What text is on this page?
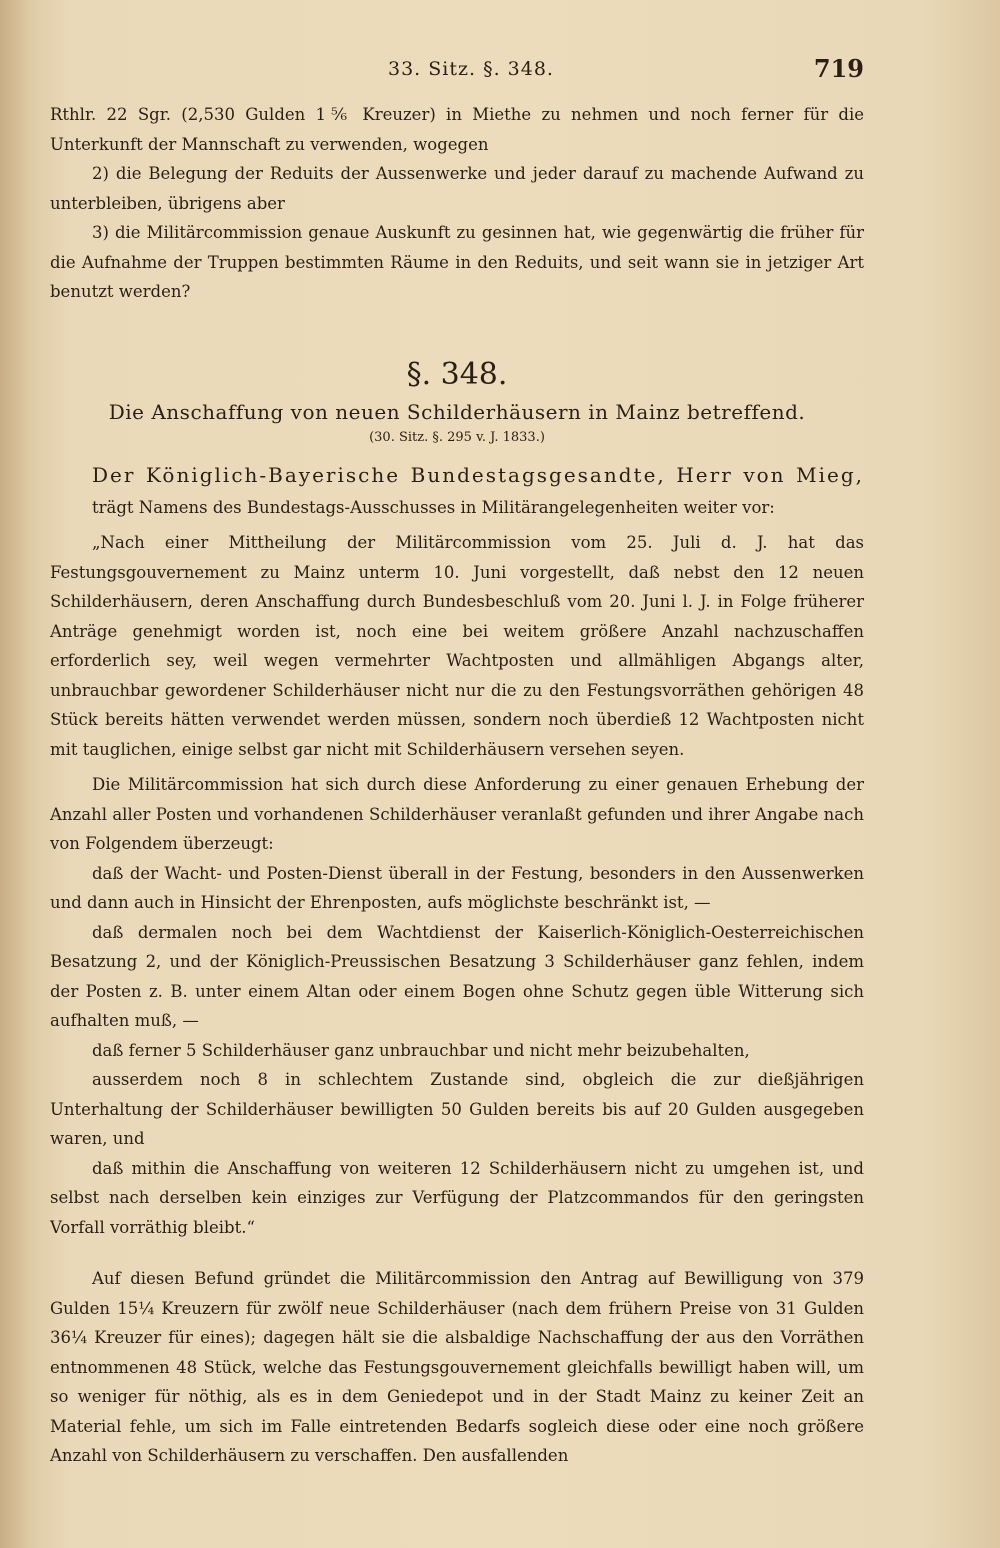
33. Sitz. §. 348.	719

Rthlr. 22 Sgr. (2,530 Gulden 1⅚ Kreuzer) in Miethe zu nehmen und noch ferner für die Unterkunft der Mannschaft zu verwenden, wogegen

2) die Belegung der Reduits der Aussenwerke und jeder darauf zu machende Aufwand zu unterbleiben, übrigens aber

3) die Militärcommission genaue Auskunft zu gesinnen hat, wie gegenwärtig die früher für die Aufnahme der Truppen bestimmten Räume in den Reduits, und seit wann sie in jetziger Art benutzt werden?

§. 348.
Die Anschaffung von neuen Schilderhäusern in Mainz betreffend.
(30. Sitz. §. 295 v. J. 1833.)
Der Königlich-Bayerische Bundestagsgesandte, Herr von Mieg,

trägt Namens des Bundestags-Ausschusses in Militärangelegenheiten weiter vor:

„Nach einer Mittheilung der Militärcommission vom 25. Juli d. J. hat das Festungsgouvernement zu Mainz unterm 10. Juni vorgestellt, daß nebst den 12 neuen Schilderhäusern, deren Anschaffung durch Bundesbeschluß vom 20. Juni l. J. in Folge früherer Anträge genehmigt worden ist, noch eine bei weitem größere Anzahl nachzuschaffen erforderlich sey, weil wegen vermehrter Wachtposten und allmähligen Abgangs alter, unbrauchbar gewordener Schilderhäuser nicht nur die zu den Festungsvorräthen gehörigen 48 Stück bereits hätten verwendet werden müssen, sondern noch überdieß 12 Wachtposten nicht mit tauglichen, einige selbst gar nicht mit Schilderhäusern versehen seyen.

Die Militärcommission hat sich durch diese Anforderung zu einer genauen Erhebung der Anzahl aller Posten und vorhandenen Schilderhäuser veranlaßt gefunden und ihrer Angabe nach von Folgendem überzeugt:

daß der Wacht- und Posten-Dienst überall in der Festung, besonders in den Aussenwerken und dann auch in Hinsicht der Ehrenposten, aufs möglichste beschränkt ist, —

daß dermalen noch bei dem Wachtdienst der Kaiserlich-Königlich-Oesterreichischen Besatzung 2, und der Königlich-Preussischen Besatzung 3 Schilderhäuser ganz fehlen, indem der Posten z. B. unter einem Altan oder einem Bogen ohne Schutz gegen üble Witterung sich aufhalten muß, —

daß ferner 5 Schilderhäuser ganz unbrauchbar und nicht mehr beizubehalten,

ausserdem noch 8 in schlechtem Zustande sind, obgleich die zur dießjährigen Unterhaltung der Schilderhäuser bewilligten 50 Gulden bereits bis auf 20 Gulden ausgegeben waren, und

daß mithin die Anschaffung von weiteren 12 Schilderhäusern nicht zu umgehen ist, und selbst nach derselben kein einziges zur Verfügung der Platzcommandos für den geringsten Vorfall vorräthig bleibt.“

Auf diesen Befund gründet die Militärcommission den Antrag auf Bewilligung von 379 Gulden 15¼ Kreuzern für zwölf neue Schilderhäuser (nach dem frühern Preise von 31 Gulden 36¼ Kreuzer für eines); dagegen hält sie die alsbaldige Nachschaffung der aus den Vorräthen entnommenen 48 Stück, welche das Festungsgouvernement gleichfalls bewilligt haben will, um so weniger für nöthig, als es in dem Geniedepot und in der Stadt Mainz zu keiner Zeit an Material fehle, um sich im Falle eintretenden Bedarfs sogleich diese oder eine noch größere Anzahl von Schilderhäusern zu verschaffen. Den ausfallenden
